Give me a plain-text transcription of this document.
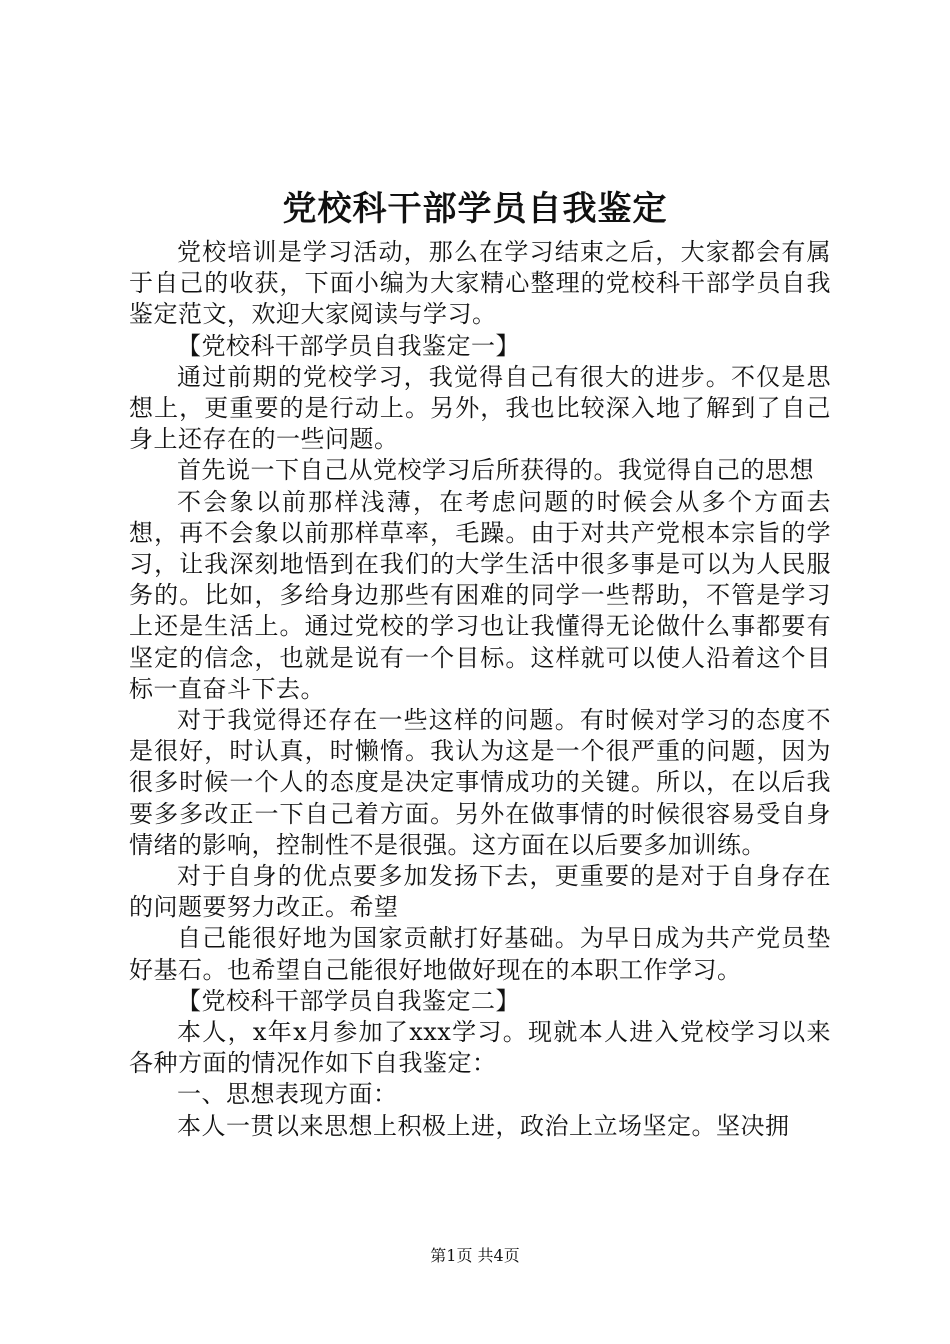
党校科干部学员自我鉴定

党校培训是学习活动，那么在学习结束之后，大家都会有属于自己的收获，下面小编为大家精心整理的党校科干部学员自我鉴定范文，欢迎大家阅读与学习。

【党校科干部学员自我鉴定一】

通过前期的党校学习，我觉得自己有很大的进步。不仅是思想上，更重要的是行动上。另外，我也比较深入地了解到了自己身上还存在的一些问题。

首先说一下自己从党校学习后所获得的。我觉得自己的思想

不会象以前那样浅薄，在考虑问题的时候会从多个方面去想，再不会象以前那样草率，毛躁。由于对共产党根本宗旨的学习，让我深刻地悟到在我们的大学生活中很多事是可以为人民服务的。比如，多给身边那些有困难的同学一些帮助，不管是学习上还是生活上。通过党校的学习也让我懂得无论做什么事都要有坚定的信念，也就是说有一个目标。这样就可以使人沿着这个目标一直奋斗下去。

对于我觉得还存在一些这样的问题。有时候对学习的态度不是很好，时认真，时懒惰。我认为这是一个很严重的问题，因为很多时候一个人的态度是决定事情成功的关键。所以，在以后我要多多改正一下自己着方面。另外在做事情的时候很容易受自身情绪的影响，控制性不是很强。这方面在以后要多加训练。

对于自身的优点要多加发扬下去，更重要的是对于自身存在的问题要努力改正。希望

自己能很好地为国家贡献打好基础。为早日成为共产党员垫好基石。也希望自己能很好地做好现在的本职工作学习。

【党校科干部学员自我鉴定二】

本人，x年x月参加了xxx学习。现就本人进入党校学习以来各种方面的情况作如下自我鉴定：

一、思想表现方面：

本人一贯以来思想上积极上进，政治上立场坚定。坚决拥

第1页 共4页
